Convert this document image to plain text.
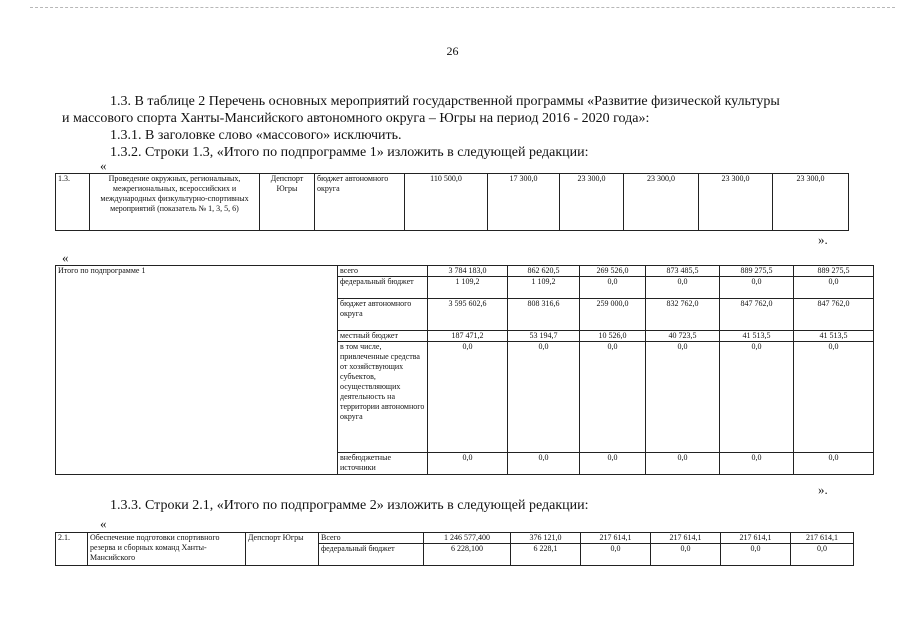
26
1.3. В таблице 2 Перечень основных мероприятий государственной программы «Развитие физической культуры
и массового спорта Ханты-Мансийского автономного округа – Югры на период 2016 - 2020 года»:
1.3.1. В заголовке слово «массового» исключить.
1.3.2. Строки 1.3, «Итого по подпрограмме 1» изложить в следующей редакции:
«
1.3.	Проведение окружных, региональных, межрегиональных, всероссийских и международных физкультурно-спортивных мероприятий (показатель № 1, 3, 5, 6)	Депспорт Югры	бюджет автономного округа	110 500,0	17 300,0	23 300,0	23 300,0	23 300,0	23 300,0
».
«
Итого по подпрограмме 1	всего	3 784 183,0	862 620,5	269 526,0	873 485,5	889 275,5	889 275,5
	федеральный бюджет	1 109,2	1 109,2	0,0	0,0	0,0	0,0
	бюджет автономного округа	3 595 602,6	808 316,6	259 000,0	832 762,0	847 762,0	847 762,0
	местный бюджет	187 471,2	53 194,7	10 526,0	40 723,5	41 513,5	41 513,5
	в том числе, привлеченные средства от хозяйствующих субъектов, осуществляющих деятельность на территории автономного округа	0,0	0,0	0,0	0,0	0,0	0,0
	внебюджетные источники	0,0	0,0	0,0	0,0	0,0	0,0
».
1.3.3. Строки 2.1, «Итого по подпрограмме 2» изложить в следующей редакции:
«
2.1.	Обеспечение подготовки спортивного резерва и сборных команд Ханты-Мансийского	Депспорт Югры	Всего	1 246 577,400	376 121,0	217 614,1	217 614,1	217 614,1	217 614,1
			федеральный бюджет	6 228,100	6 228,1	0,0	0,0	0,0	0,0
